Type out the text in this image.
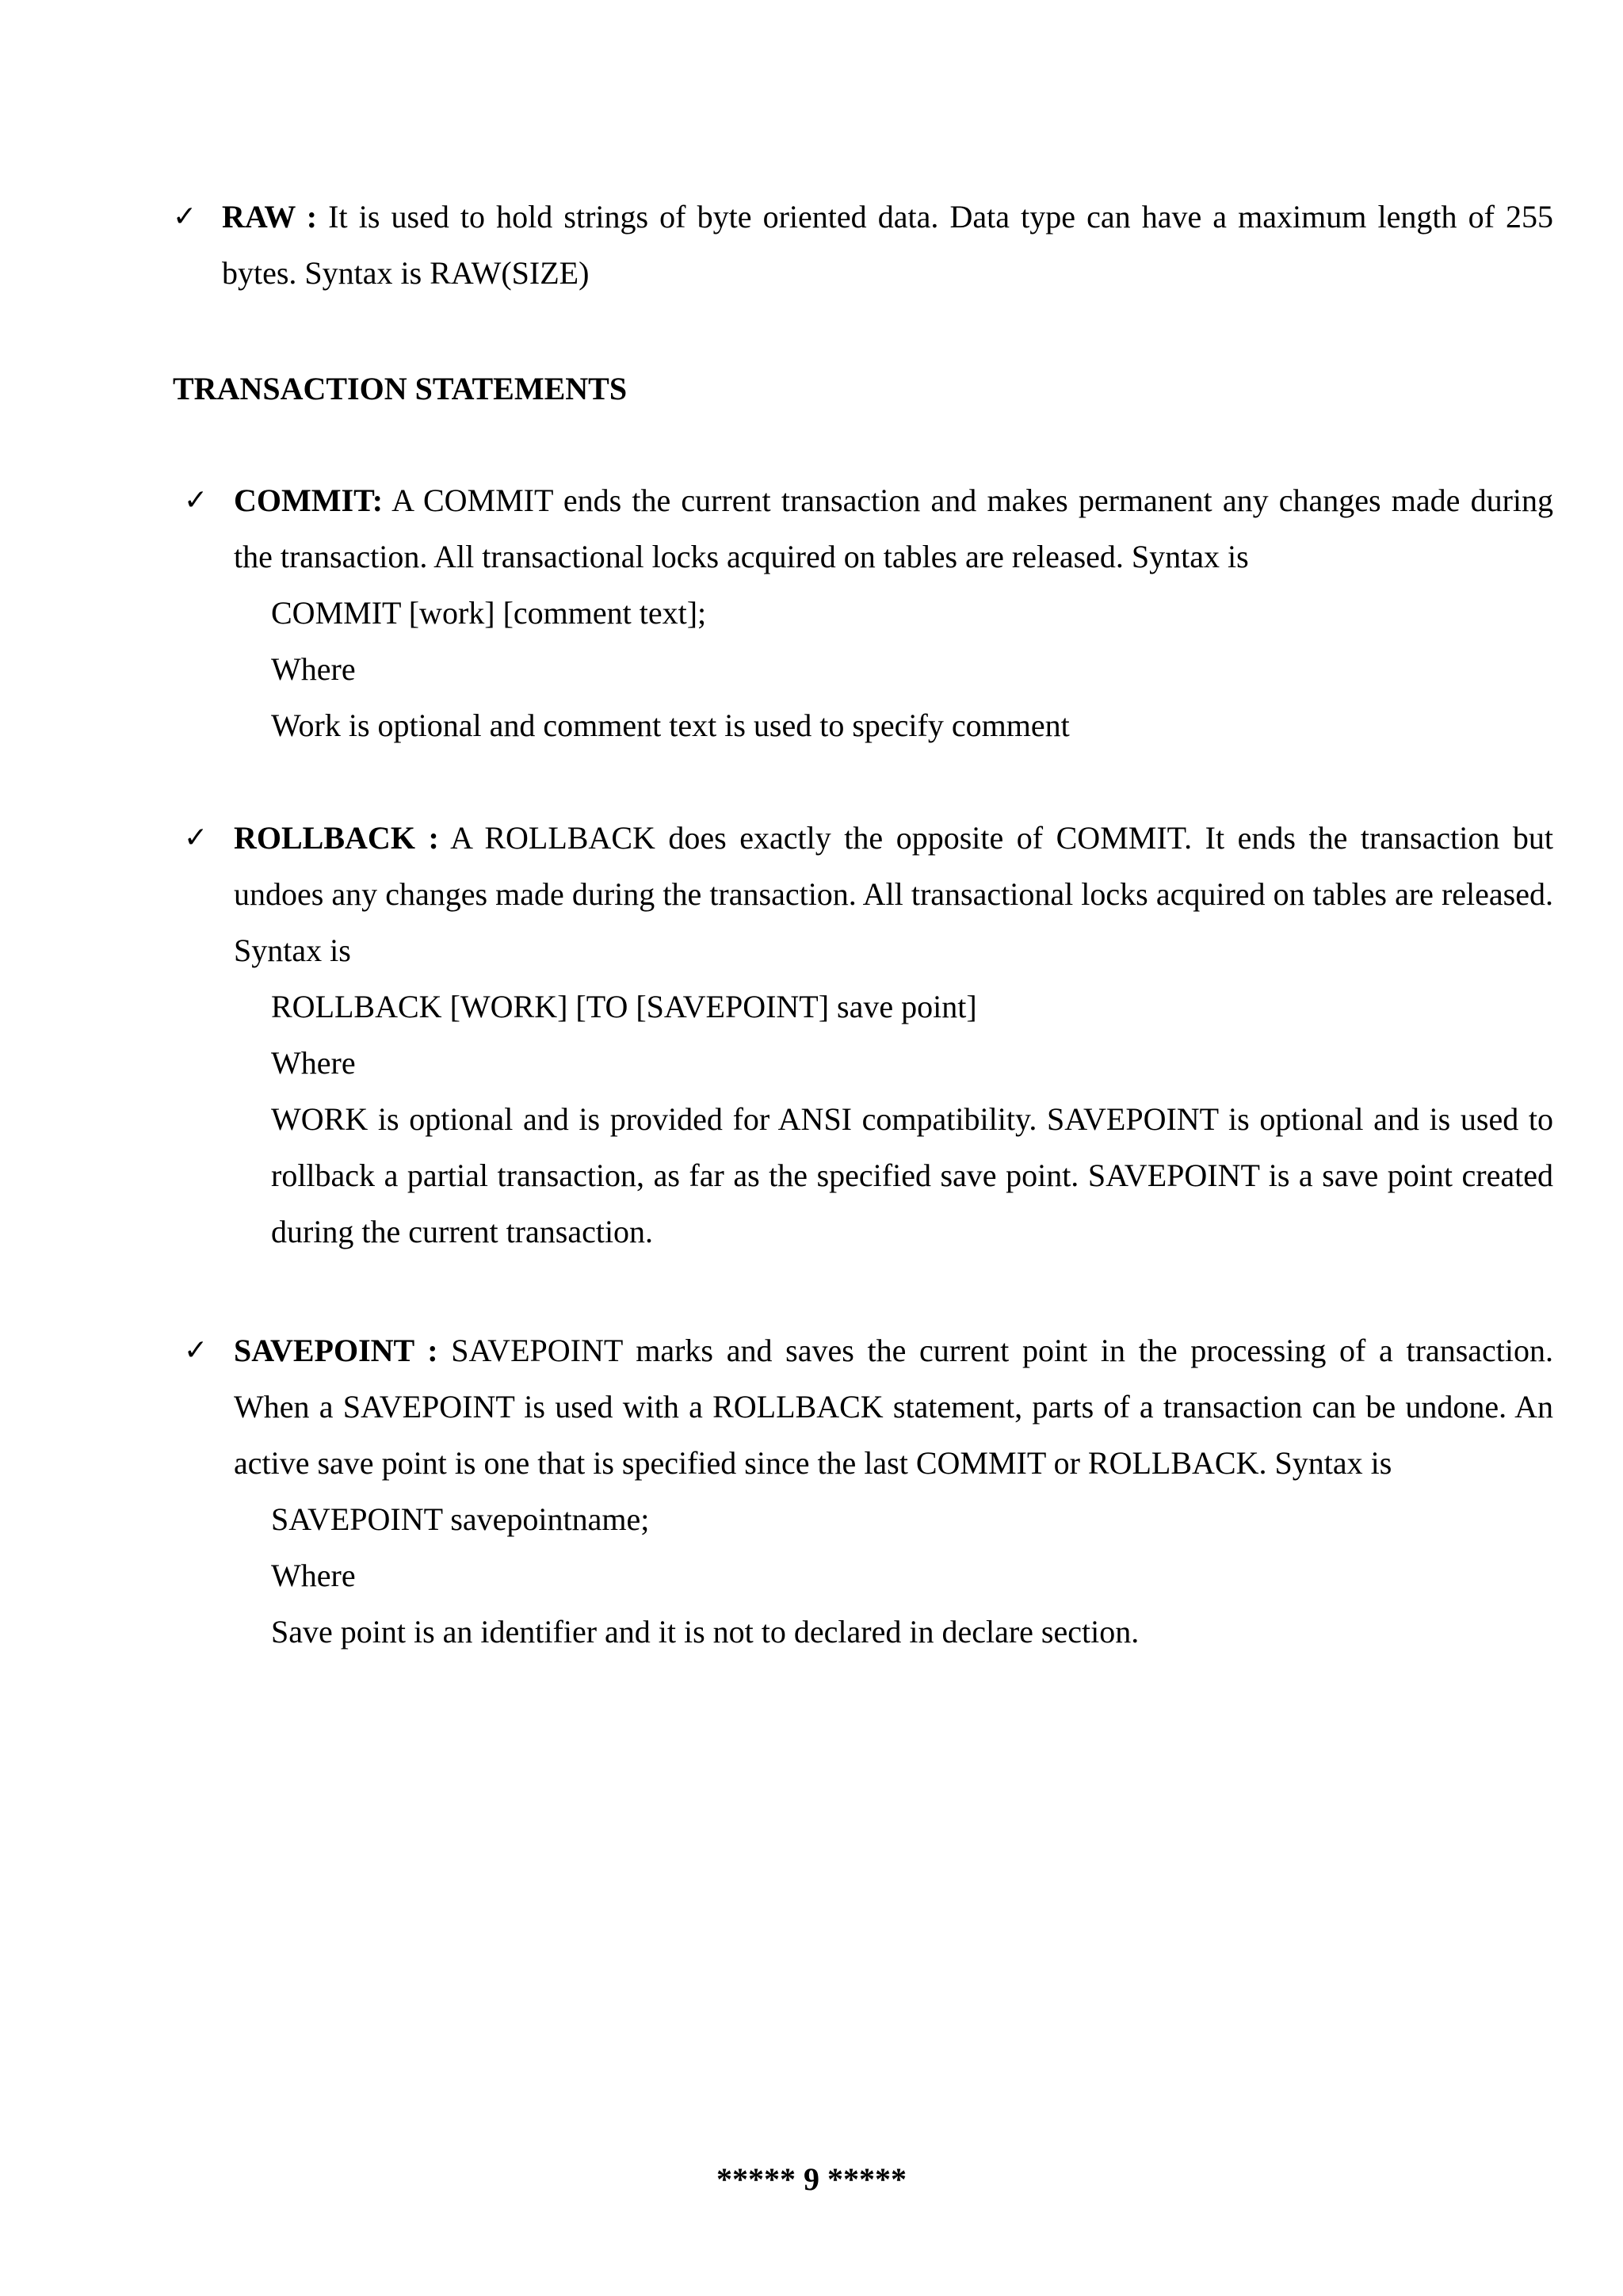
✓ RAW : It is used to hold strings of byte oriented data. Data type can have a maximum length of 255 bytes. Syntax is RAW(SIZE)
TRANSACTION STATEMENTS
✓ COMMIT: A COMMIT ends the current transaction and makes permanent any changes made during the transaction. All transactional locks acquired on tables are released. Syntax is
COMMIT [work] [comment text];
Where
Work is optional and comment text is used to specify comment
✓ ROLLBACK : A ROLLBACK does exactly the opposite of COMMIT. It ends the transaction but undoes any changes made during the transaction. All transactional locks acquired on tables are released. Syntax is
ROLLBACK [WORK] [TO [SAVEPOINT] save point]
Where
WORK is optional and is provided for ANSI compatibility. SAVEPOINT is optional and is used to rollback a partial transaction, as far as the specified save point. SAVEPOINT is a save point created during the current transaction.
✓ SAVEPOINT : SAVEPOINT marks and saves the current point in the processing of a transaction. When a SAVEPOINT is used with a ROLLBACK statement, parts of a transaction can be undone. An active save point is one that is specified since the last COMMIT or ROLLBACK. Syntax is
SAVEPOINT savepointname;
Where
Save point is an identifier and it is not to declared in declare section.
***** 9 *****
